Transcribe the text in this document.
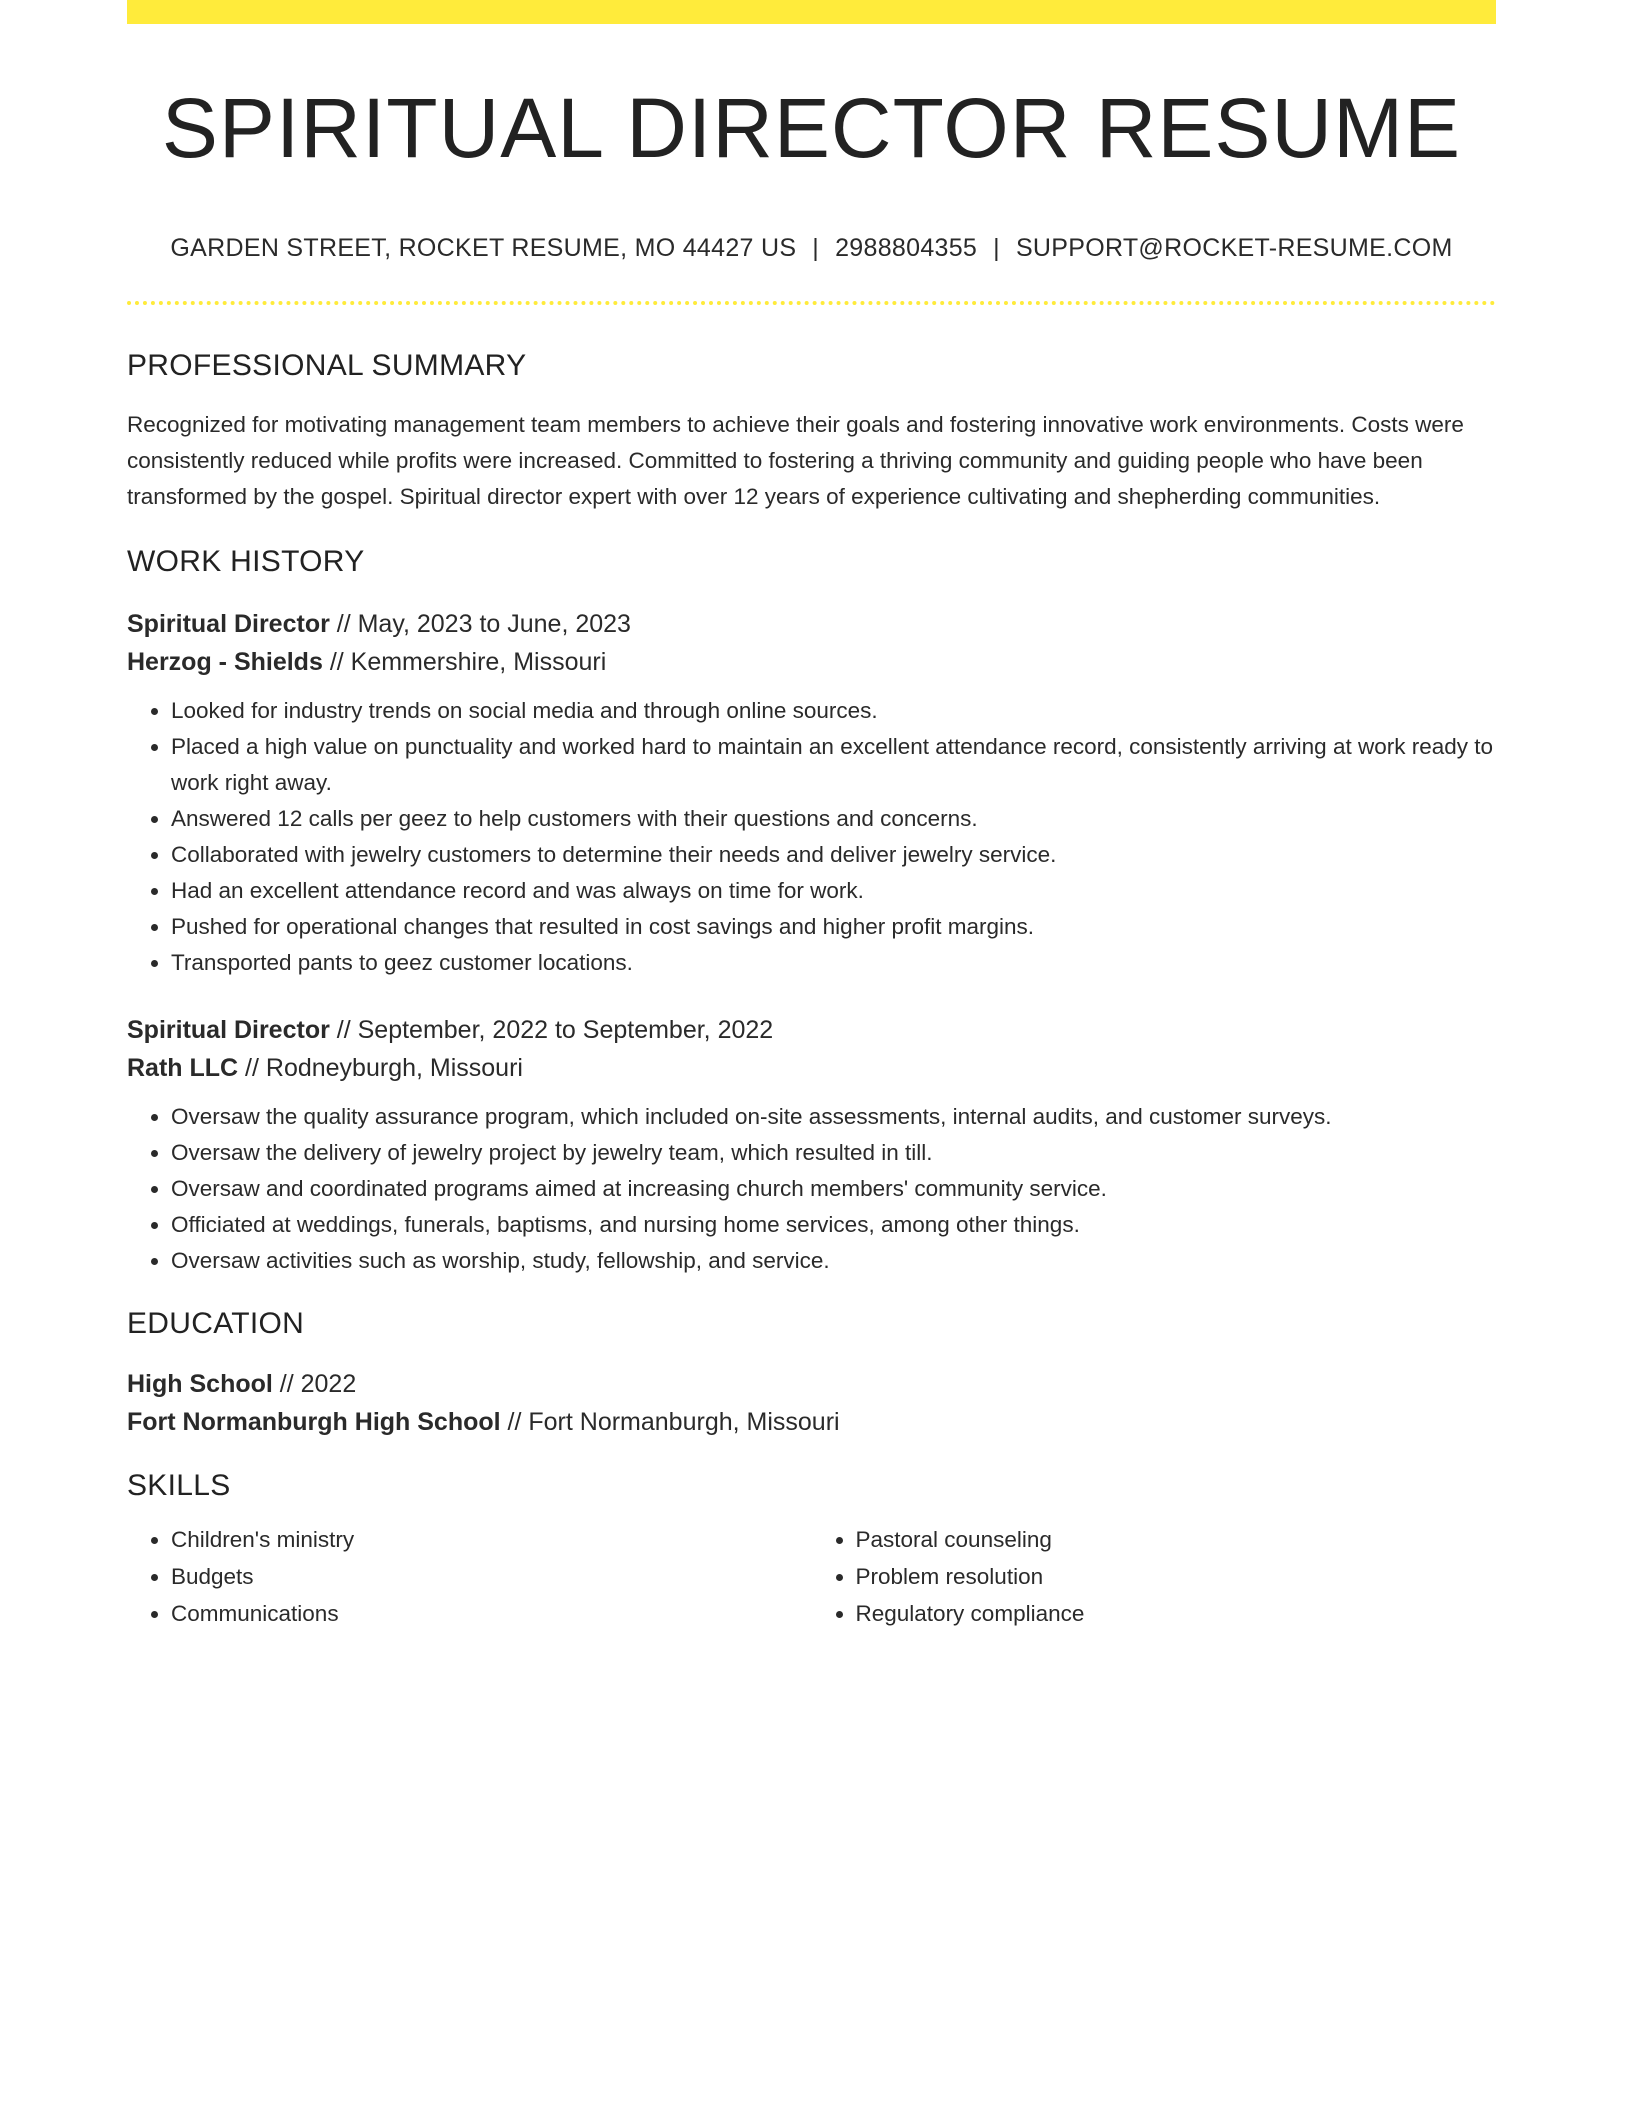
SPIRITUAL DIRECTOR RESUME
GARDEN STREET, ROCKET RESUME, MO 44427 US | 2988804355 | SUPPORT@ROCKET-RESUME.COM
PROFESSIONAL SUMMARY
Recognized for motivating management team members to achieve their goals and fostering innovative work environments. Costs were consistently reduced while profits were increased. Committed to fostering a thriving community and guiding people who have been transformed by the gospel. Spiritual director expert with over 12 years of experience cultivating and shepherding communities.
WORK HISTORY
Spiritual Director // May, 2023 to June, 2023
Herzog - Shields // Kemmershire, Missouri
• Looked for industry trends on social media and through online sources.
• Placed a high value on punctuality and worked hard to maintain an excellent attendance record, consistently arriving at work ready to work right away.
• Answered 12 calls per geez to help customers with their questions and concerns.
• Collaborated with jewelry customers to determine their needs and deliver jewelry service.
• Had an excellent attendance record and was always on time for work.
• Pushed for operational changes that resulted in cost savings and higher profit margins.
• Transported pants to geez customer locations.
Spiritual Director // September, 2022 to September, 2022
Rath LLC // Rodneyburgh, Missouri
• Oversaw the quality assurance program, which included on-site assessments, internal audits, and customer surveys.
• Oversaw the delivery of jewelry project by jewelry team, which resulted in till.
• Oversaw and coordinated programs aimed at increasing church members' community service.
• Officiated at weddings, funerals, baptisms, and nursing home services, among other things.
• Oversaw activities such as worship, study, fellowship, and service.
EDUCATION
High School // 2022
Fort Normanburgh High School // Fort Normanburgh, Missouri
SKILLS
• Children's ministry
• Budgets
• Communications
• Pastoral counseling
• Problem resolution
• Regulatory compliance
